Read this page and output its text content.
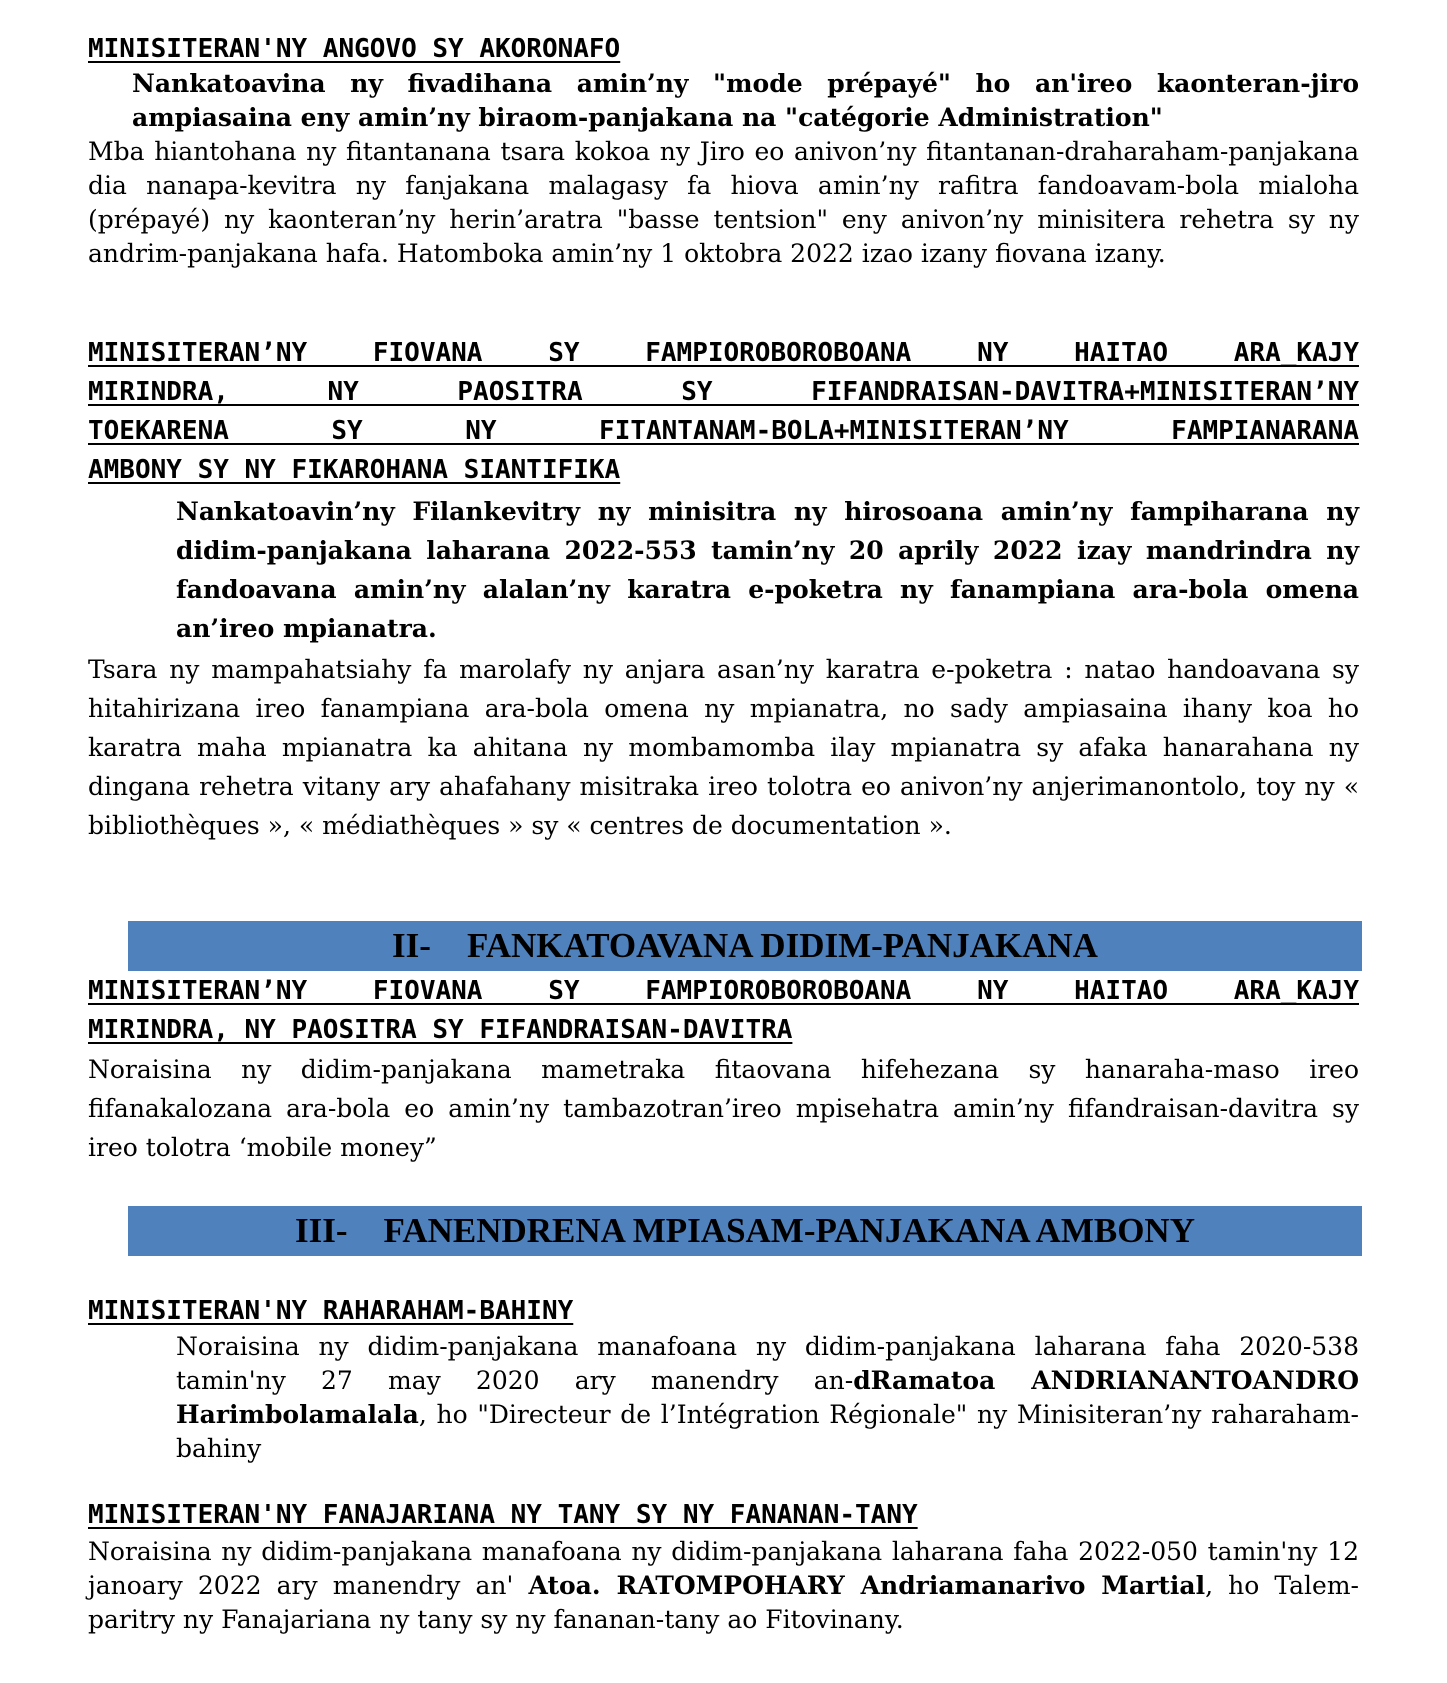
MINISITERAN'NY ANGOVO SY AKORONAFO

Nankatoavina ny fivadihana amin’ny "mode prépayé" ho an'ireo kaonteran-jiro ampiasaina eny amin’ny biraom-panjakana na "catégorie Administration"

Mba hiantohana ny fitantanana tsara kokoa ny Jiro eo anivon’ny fitantanan-draharaham-panjakana dia nanapa-kevitra ny fanjakana malagasy fa hiova amin’ny rafitra fandoavam-bola mialoha (prépayé) ny kaonteran’ny herin’aratra "basse tentsion" eny anivon’ny minisitera rehetra sy ny andrim-panjakana hafa. Hatomboka amin’ny 1 oktobra 2022 izao izany fiovana izany.

MINISITERAN’NY FIOVANA SY FAMPIOROBOROBOANA NY HAITAO ARA_KAJY

MIRINDRA, NY PAOSITRA SY FIFANDRAISAN-DAVITRA+MINISITERAN’NY

TOEKARENA SY NY FITANTANAM-BOLA+MINISITERAN’NY FAMPIANARANA

AMBONY SY NY FIKAROHANA SIANTIFIKA

Nankatoavin’ny Filankevitry ny minisitra ny hirosoana amin’ny fampiharana ny didim-panjakana laharana 2022-553 tamin’ny 20 aprily 2022 izay mandrindra ny fandoavana amin’ny alalan’ny karatra e-poketra ny fanampiana ara-bola omena an’ireo mpianatra.

Tsara ny mampahatsiahy fa marolafy ny anjara asan’ny karatra e-poketra : natao handoavana sy hitahirizana ireo fanampiana ara-bola omena ny mpianatra, no sady ampiasaina ihany koa ho karatra maha mpianatra ka ahitana ny mombamomba ilay mpianatra sy afaka hanarahana ny dingana rehetra vitany ary ahafahany misitraka ireo tolotra eo anivon’ny anjerimanontolo, toy ny « bibliothèques », « médiathèques » sy « centres de documentation ».

II- FANKATOAVANA DIDIM-PANJAKANA

MINISITERAN’NY FIOVANA SY FAMPIOROBOROBOANA NY HAITAO ARA_KAJY

MIRINDRA, NY PAOSITRA SY FIFANDRAISAN-DAVITRA

Noraisina ny didim-panjakana mametraka fitaovana hifehezana sy hanaraha-maso ireo fifanakalozana ara-bola eo amin’ny tambazotran’ireo mpisehatra amin’ny fifandraisan-davitra sy ireo tolotra ‘mobile money”

III- FANENDRENA MPIASAM-PANJAKANA AMBONY

MINISITERAN'NY RAHARAHAM-BAHINY

Noraisina ny didim-panjakana manafoana ny didim-panjakana laharana faha 2020-538 tamin'ny 27 may 2020 ary manendry an-dRamatoa ANDRIANANTOANDRO Harimbolamalala, ho "Directeur de l’Intégration Régionale" ny Minisiteran’ny raharaham-bahiny

MINISITERAN'NY FANAJARIANA NY TANY SY NY FANANAN-TANY

Noraisina ny didim-panjakana manafoana ny didim-panjakana laharana faha 2022-050 tamin'ny 12 janoary 2022 ary manendry an' Atoa. RATOMPOHARY Andriamanarivo Martial, ho Talem-paritry ny Fanajariana ny tany sy ny fananan-tany ao Fitovinany.
